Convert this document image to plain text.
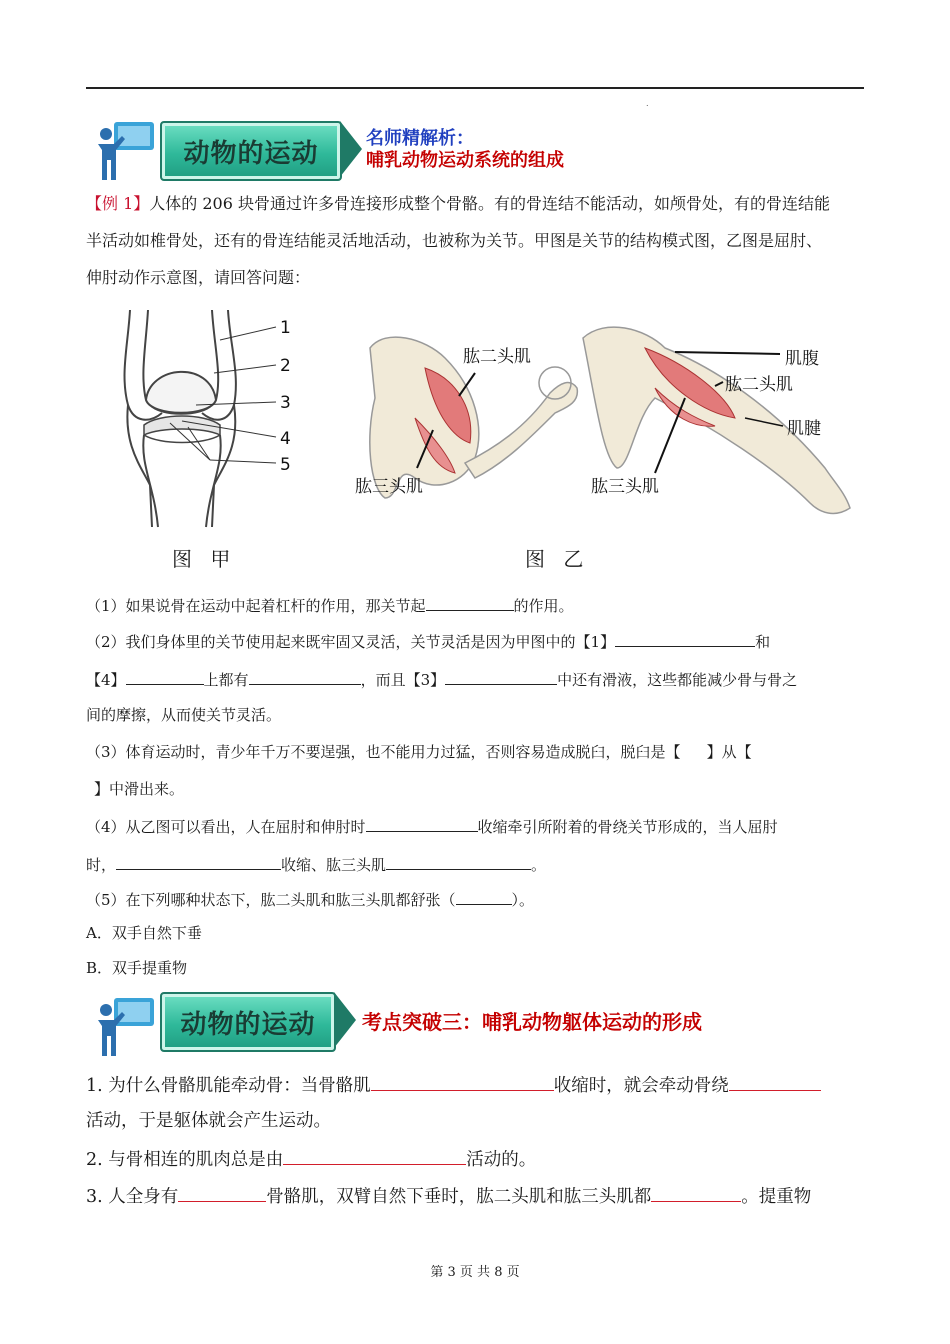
.
动物的运动
名师精解析：
哺乳动物运动系统的组成
【例 1】人体的 206 块骨通过许多骨连接形成整个骨骼。有的骨连结不能活动，如颅骨处，有的骨连结能
半活动如椎骨处，还有的骨连结能灵活地活动，也被称为关节。甲图是关节的结构模式图，乙图是屈肘、
伸肘动作示意图，请回答问题：
1
2
3
4
5
图 甲
肱二头肌
肱三头肌
肌腹
肱二头肌
肌腱
肱三头肌
图 乙
（1）如果说骨在运动中起着杠杆的作用，那关节起	的作用。
（2）我们身体里的关节使用起来既牢固又灵活，关节灵活是因为甲图中的【1】	和
【4】	上都有	，而且【3】	中还有滑液，这些都能减少骨与骨之
间的摩擦，从而使关节灵活。
（3）体育运动时，青少年千万不要逞强，也不能用力过猛，否则容易造成脱臼，脱臼是【 】从【
】中滑出来。
（4）从乙图可以看出，人在屈肘和伸肘时	收缩牵引所附着的骨绕关节形成的，当人屈肘
时，	收缩、肱三头肌	。
（5）在下列哪种状态下，肱二头肌和肱三头肌都舒张（	）。
A．双手自然下垂
B．双手提重物
动物的运动	考点突破三：哺乳动物躯体运动的形成
1. 为什么骨骼肌能牵动骨：当骨骼肌	收缩时，就会牵动骨绕
活动，于是躯体就会产生运动。
2. 与骨相连的肌肉总是由	活动的。
3. 人全身有	骨骼肌，双臂自然下垂时，肱二头肌和肱三头肌都	。提重物
第 3 页 共 8 页
